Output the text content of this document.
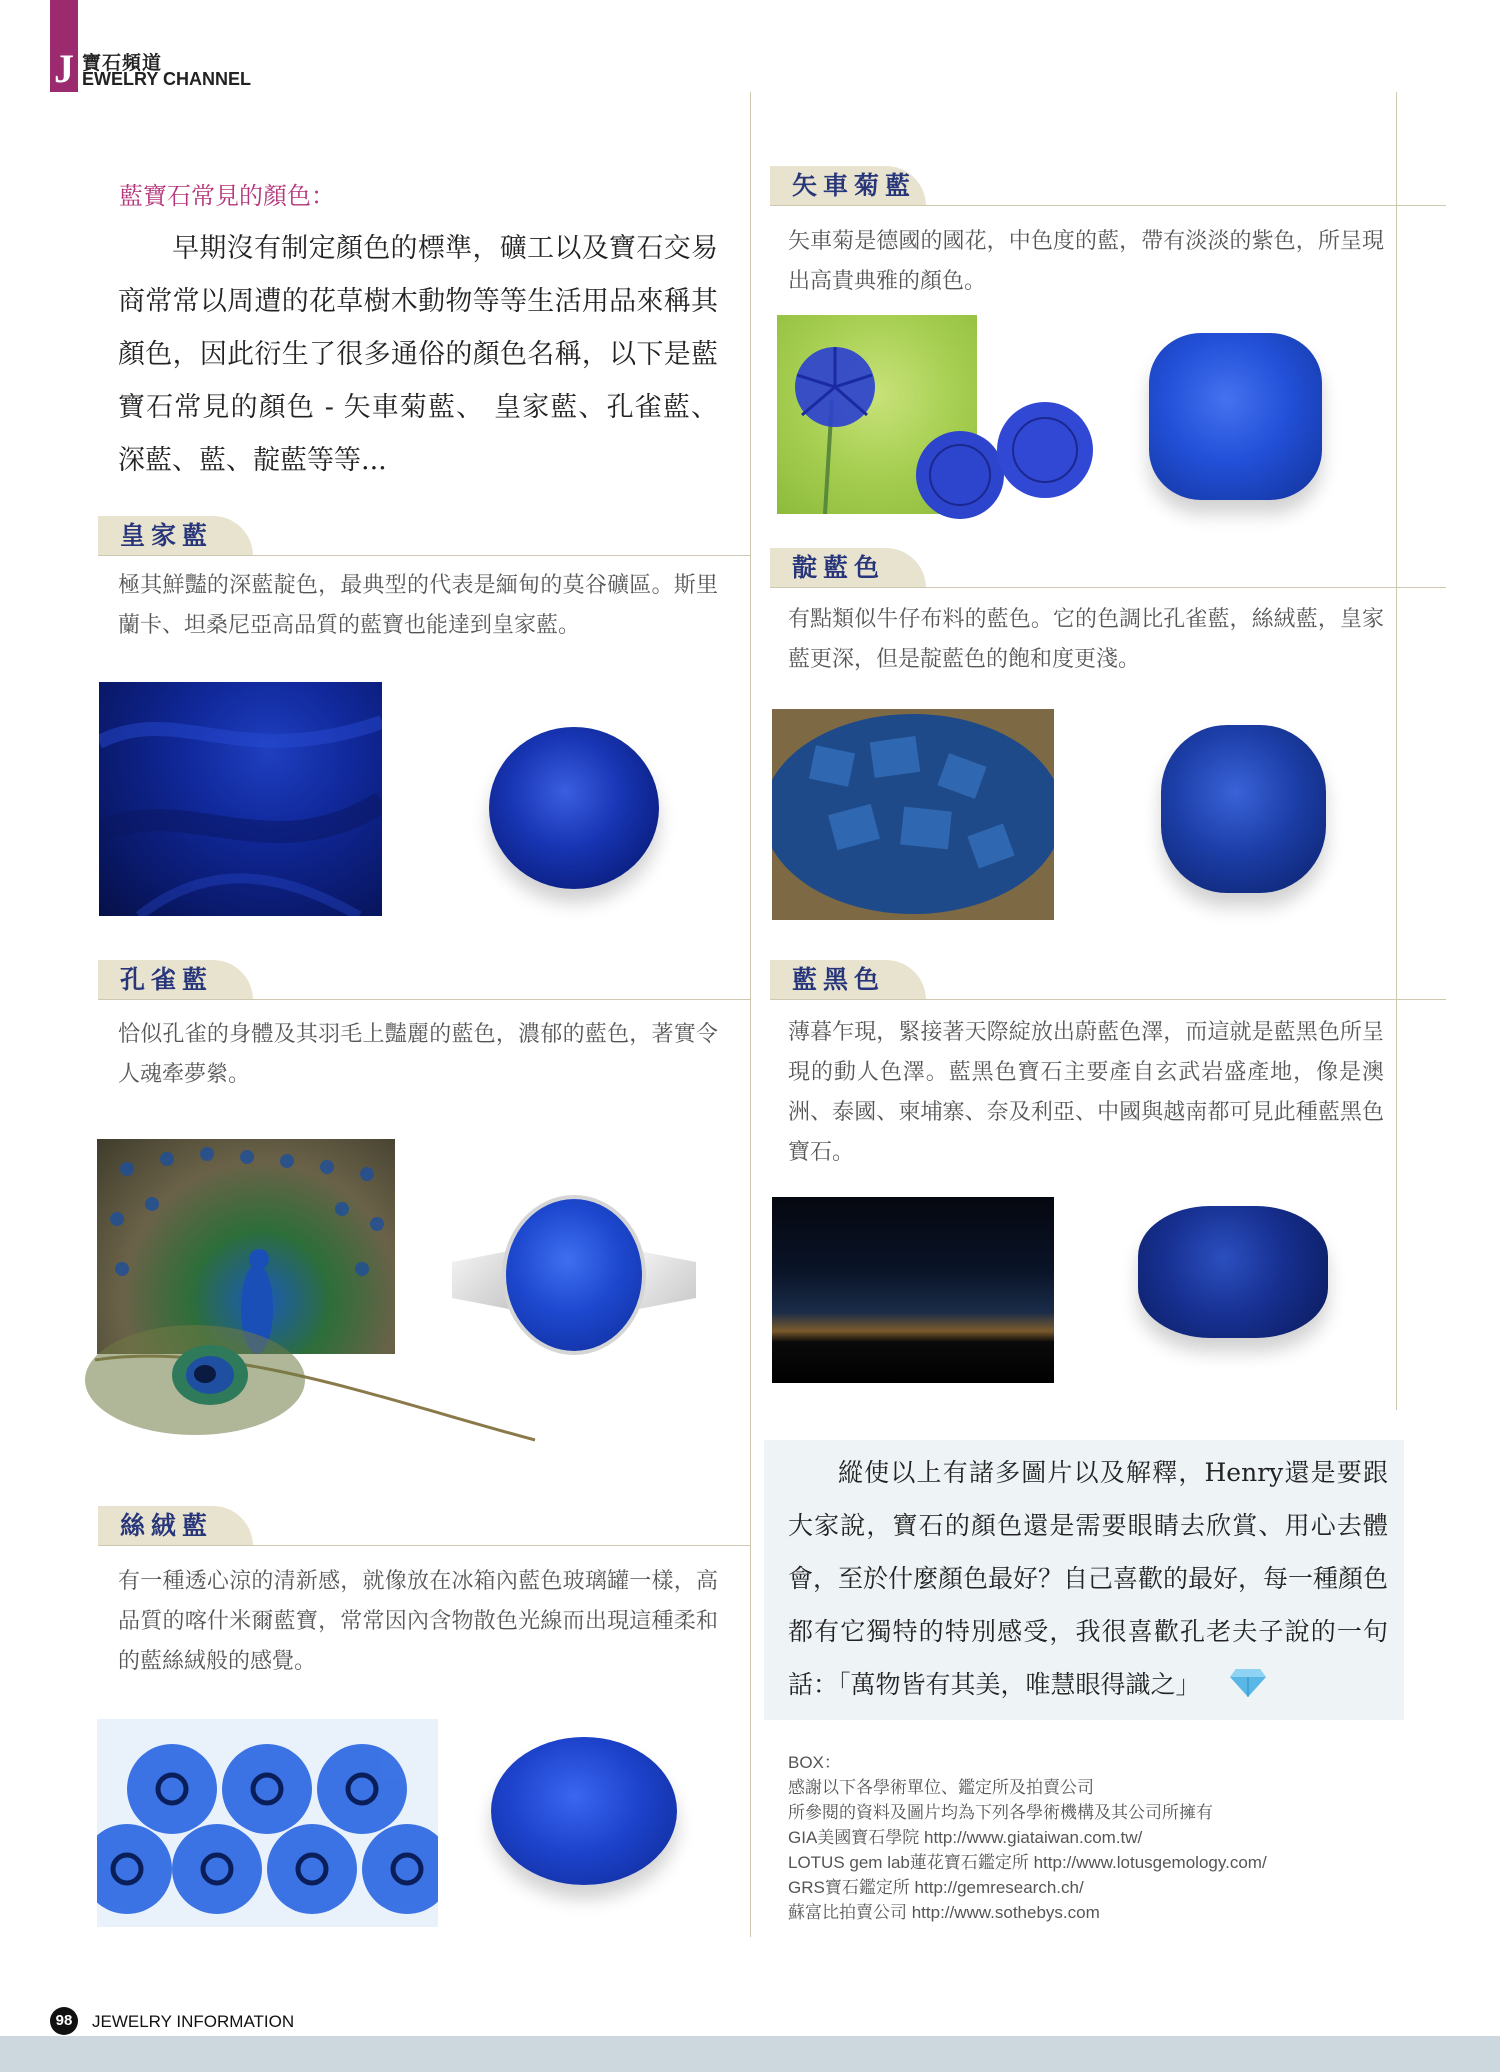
J 寶石頻道
EWELRY CHANNEL
藍寶石常見的顏色：
早期沒有制定顏色的標準，礦工以及寶石交易商常常以周遭的花草樹木動物等等生活用品來稱其顏色，因此衍生了很多通俗的顏色名稱，以下是藍寶石常見的顏色 - 矢車菊藍、 皇家藍、孔雀藍、深藍、藍、靛藍等等...
皇家藍
極其鮮豔的深藍靛色，最典型的代表是緬甸的莫谷礦區。斯里蘭卡、坦桑尼亞高品質的藍寶也能達到皇家藍。
孔雀藍
恰似孔雀的身體及其羽毛上豔麗的藍色，濃郁的藍色，著實令人魂牽夢縈。
絲絨藍
有一種透心涼的清新感，就像放在冰箱內藍色玻璃罐一樣，高品質的喀什米爾藍寶，常常因內含物散色光線而出現這種柔和的藍絲絨般的感覺。
矢車菊藍
矢車菊是德國的國花，中色度的藍，帶有淡淡的紫色，所呈現出高貴典雅的顏色。
靛藍色
有點類似牛仔布料的藍色。它的色調比孔雀藍，絲絨藍，皇家藍更深，但是靛藍色的飽和度更淺。
藍黑色
薄暮乍現，緊接著天際綻放出蔚藍色澤，而這就是藍黑色所呈現的動人色澤。藍黑色寶石主要產自玄武岩盛產地，像是澳洲、泰國、柬埔寨、奈及利亞、中國與越南都可見此種藍黑色寶石。
縱使以上有諸多圖片以及解釋，Henry還是要跟大家說，寶石的顏色還是需要眼睛去欣賞、用心去體會，至於什麼顏色最好？自己喜歡的最好，每一種顏色都有它獨特的特別感受，我很喜歡孔老夫子說的一句話：「萬物皆有其美，唯慧眼得識之」
BOX：
感謝以下各學術單位、鑑定所及拍賣公司
所參閱的資料及圖片均為下列各學術機構及其公司所擁有
GIA美國寶石學院 http://www.giataiwan.com.tw/
LOTUS gem lab蓮花寶石鑑定所 http://www.lotusgemology.com/
GRS寶石鑑定所 http://gemresearch.ch/
蘇富比拍賣公司 http://www.sothebys.com
98	JEWELRY INFORMATION
